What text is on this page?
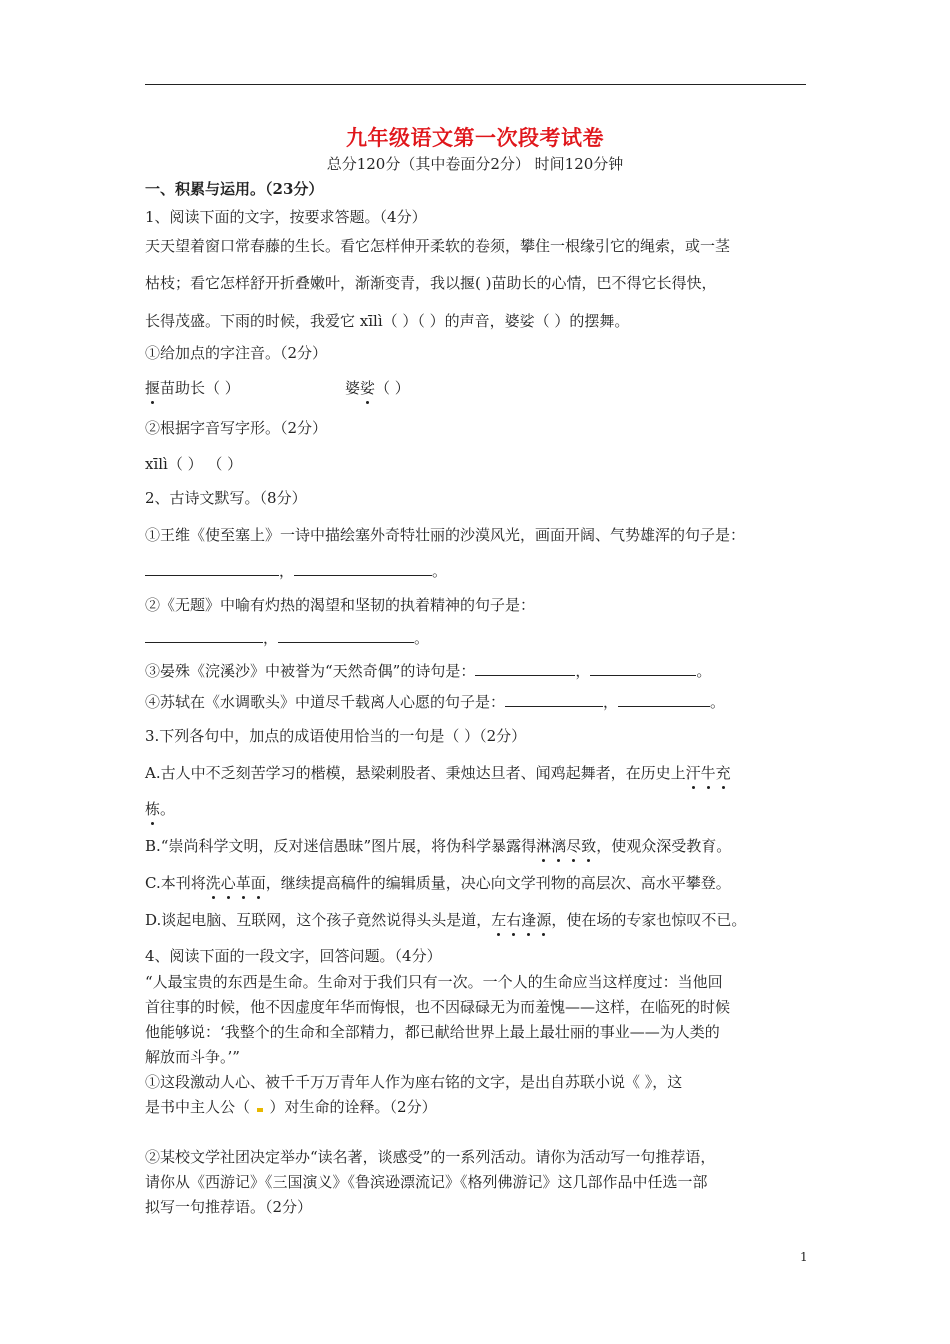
九年级语文第一次段考试卷
总分120分（其中卷面分2分） 时间120分钟
一、积累与运用。（23分）
1、阅读下面的文字，按要求答题。（4分）
天天望着窗口常春藤的生长。看它怎样伸开柔软的卷须，攀住一根缘引它的绳索，或一茎
枯枝；看它怎样舒开折叠嫩叶，渐渐变青，我以揠( )苗助长的心情，巴不得它长得快，
长得茂盛。下雨的时候，我爱它 xīlì（ ）（ ）的声音，婆娑（ ）的摆舞。
①给加点的字注音。（2分）
揠苗助长（ ）	婆娑（ ）
②根据字音写字形。（2分）
xīlì（ ） （ ）
2、古诗文默写。（8分）
①王维《使至塞上》一诗中描绘塞外奇特壮丽的沙漠风光，画面开阔、气势雄浑的句子是：
，	。
②《无题》中喻有灼热的渴望和坚韧的执着精神的句子是：
，	。
③晏殊《浣溪沙》中被誉为“天然奇偶”的诗句是：	，	。
④苏轼在《水调歌头》中道尽千载离人心愿的句子是：	，	。
3.下列各句中，加点的成语使用恰当的一句是（ ）（2分）
A.古人中不乏刻苦学习的楷模，悬梁刺股者、秉烛达旦者、闻鸡起舞者，在历史上汗牛充
栋。
B.“崇尚科学文明，反对迷信愚昧”图片展，将伪科学暴露得淋漓尽致，使观众深受教育。
C.本刊将洗心革面，继续提高稿件的编辑质量，决心向文学刊物的高层次、高水平攀登。
D.谈起电脑、互联网，这个孩子竟然说得头头是道，左右逢源，使在场的专家也惊叹不已。
4、阅读下面的一段文字，回答问题。（4分）
“人最宝贵的东西是生命。生命对于我们只有一次。一个人的生命应当这样度过：当他回
首往事的时候，他不因虚度年华而悔恨，也不因碌碌无为而羞愧——这样，在临死的时候
他能够说：‘我整个的生命和全部精力，都已献给世界上最上最壮丽的事业——为人类的
解放而斗争。’”
①这段激动人心、被千千万万青年人作为座右铭的文字，是出自苏联小说《 》，这
是书中主人公（  ）对生命的诠释。（2分）
②某校文学社团决定举办“读名著，谈感受”的一系列活动。请你为活动写一句推荐语，
请你从《西游记》《三国演义》《鲁滨逊漂流记》《格列佛游记》这几部作品中任选一部
拟写一句推荐语。（2分）
1
